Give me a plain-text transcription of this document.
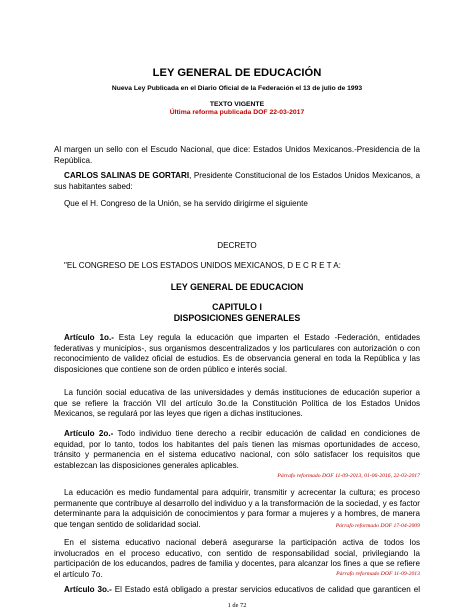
LEY GENERAL DE EDUCACIÓN
Nueva Ley Publicada en el Diario Oficial de la Federación el 13 de julio de 1993
TEXTO VIGENTE
Última reforma publicada DOF 22-03-2017
Al margen un sello con el Escudo Nacional, que dice: Estados Unidos Mexicanos.-Presidencia de la República.
CARLOS SALINAS DE GORTARI, Presidente Constitucional de los Estados Unidos Mexicanos, a sus habitantes sabed:
Que el H. Congreso de la Unión, se ha servido dirigirme el siguiente
DECRETO
"EL CONGRESO DE LOS ESTADOS UNIDOS MEXICANOS, D E C R E T A:
LEY GENERAL DE EDUCACION
CAPITULO I
DISPOSICIONES GENERALES
Artículo 1o.- Esta Ley regula la educación que imparten el Estado -Federación, entidades federativas y municipios-, sus organismos descentralizados y los particulares con autorización o con reconocimiento de validez oficial de estudios. Es de observancia general en toda la República y las disposiciones que contiene son de orden público e interés social.
La función social educativa de las universidades y demás instituciones de educación superior a que se refiere la fracción VII del artículo 3o.de la Constitución Política de los Estados Unidos Mexicanos, se regulará por las leyes que rigen a dichas instituciones.
Artículo 2o.- Todo individuo tiene derecho a recibir educación de calidad en condiciones de equidad, por lo tanto, todos los habitantes del país tienen las mismas oportunidades de acceso, tránsito y permanencia en el sistema educativo nacional, con sólo satisfacer los requisitos que establezcan las disposiciones generales aplicables.
Párrafo reformado DOF 11-09-2013, 01-06-2016, 22-03-2017
La educación es medio fundamental para adquirir, transmitir y acrecentar la cultura; es proceso permanente que contribuye al desarrollo del individuo y a la transformación de la sociedad, y es factor determinante para la adquisición de conocimientos y para formar a mujeres y a hombres, de manera que tengan sentido de solidaridad social.	Párrafo reformado DOF 17-04-2009
En el sistema educativo nacional deberá asegurarse la participación activa de todos los involucrados en el proceso educativo, con sentido de responsabilidad social, privilegiando la participación de los educandos, padres de familia y docentes, para alcanzar los fines a que se refiere el artículo 7o.	Párrafo reformado DOF 11-09-2013
Artículo 3o.- El Estado está obligado a prestar servicios educativos de calidad que garanticen el
1 de 72
